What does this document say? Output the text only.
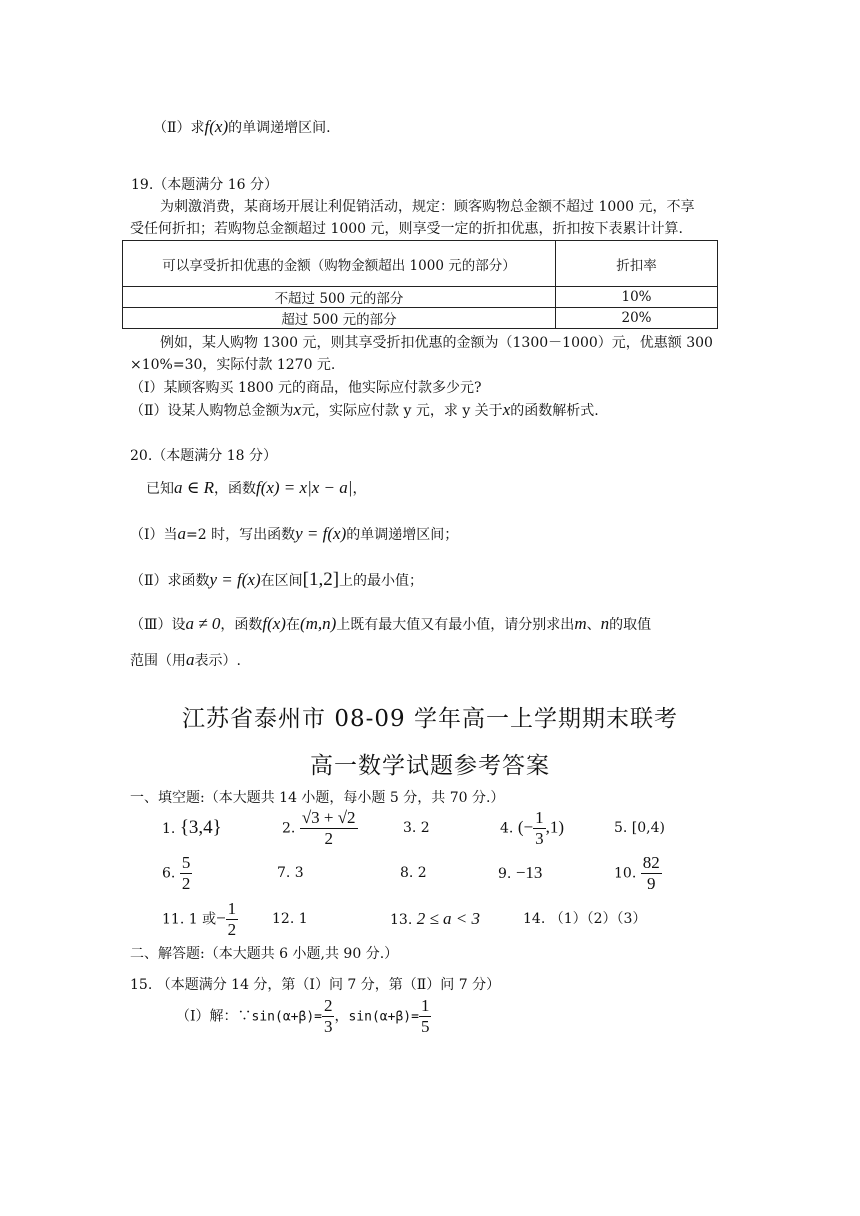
（Ⅱ）求f(x)的单调递增区间.
19.（本题满分 16 分）
为刺激消费，某商场开展让利促销活动，规定：顾客购物总金额不超过 1000 元，不享
受任何折扣；若购物总金额超过 1000 元，则享受一定的折扣优惠，折扣按下表累计计算.
可以享受折扣优惠的金额（购物金额超出 1000 元的部分）	折扣率
不超过 500 元的部分	10%
超过 500 元的部分	20%
例如，某人购物 1300 元，则其享受折扣优惠的金额为（1300－1000）元，优惠额 300
×10%=30，实际付款 1270 元.
（Ⅰ）某顾客购买 1800 元的商品，他实际应付款多少元?
（Ⅱ）设某人购物总金额为x元，实际应付款 y 元，求 y 关于x的函数解析式.
20.（本题满分 18 分）
已知a ∈ R，函数f(x) = x|x − a|，
（Ⅰ）当a=2 时，写出函数y = f(x)的单调递增区间；
（Ⅱ）求函数y = f(x)在区间[1,2]上的最小值；
（Ⅲ）设a ≠ 0，函数f(x)在(m,n)上既有最大值又有最小值，请分别求出m、n的取值
范围（用a表示）.
江苏省泰州市 08-09 学年高一上学期期末联考
高一数学试题参考答案
一、填空题:（本大题共 14 小题，每小题 5 分，共 70 分.）
1. {3,4}	2. $\frac{√3 + √2}{2}$	3. 2	4. (− $\frac{1}{3} ,1$)	5. [0,4)
6. $\frac{5}{2}$	7. 3	8. 2	9. −13	10. $\frac{82}{9}$
11. 1 或− $\frac{1}{2} 12$. 1	13. 2 ≤ a < 3	14. （1）（2）（3）
二、解答题:（本大题共 6 小题,共 90 分.）
15. （本题满分 14 分，第（Ⅰ）问 7 分，第（Ⅱ）问 7 分）
（Ⅰ）解：∵sin(α+β)= $\frac{2}{3}$ ，$\sin(\alpha+\beta)= \frac{1}{5}$
